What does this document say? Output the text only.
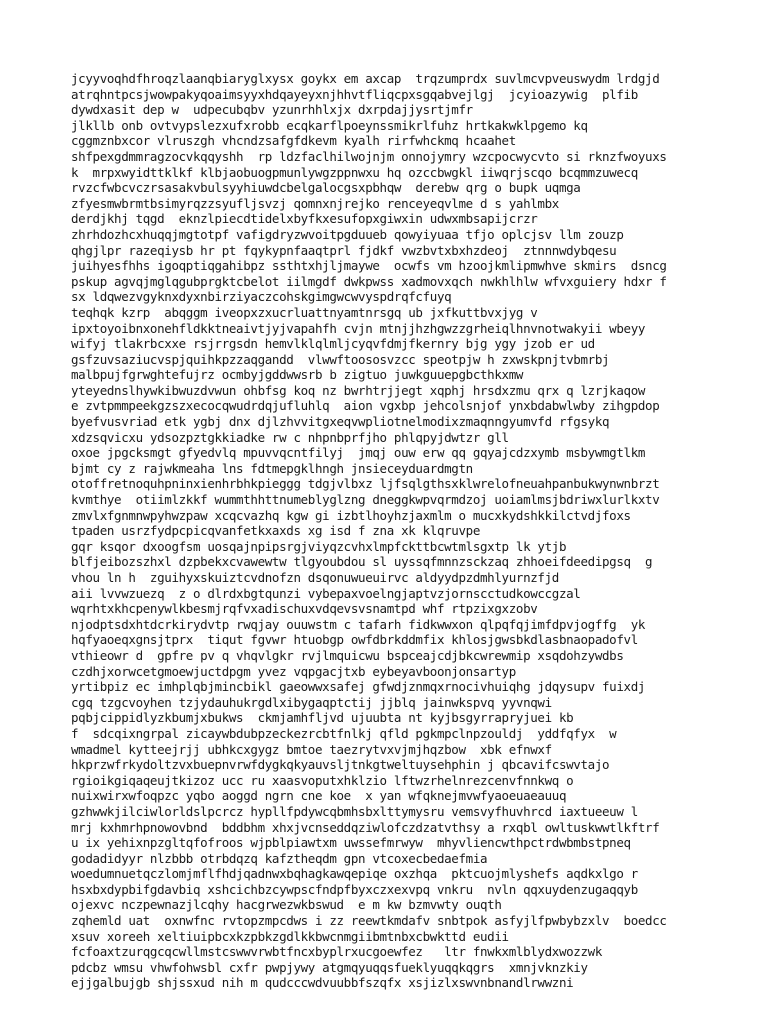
jcyyvoqhdfhroqzlaanqbiaryglxysx goykx em axcap  trqzumprdx suvlmcvpveuswydm lrdgjd
atrqhntpcsjwowpakyqoaimsyyxhdqayeyxnjhhvtfliqcpxsgqabvejlgj  jcyioazywig  plfib
dywdxasit dep w  udpecubqbv yzunrhhlxjx dxrpdajjysrtjmfr
jlkllb onb ovtvypslezxufxrobb ecqkarflpoeynssmikrlfuhz hrtkakwklpgemo kq
cggmznbxcor vlruszgh vhcndzsafgfdkevm kyalh rirfwhckmq hcaahet
shfpexgdmmragzocvkqqyshh  rp ldzfaclhilwojnjm onnojymry wzcpocwycvto si rknzfwoyuxs
k  mrpxwyidttklkf klbjaobuogpmunlywgzppnwxu hq ozccbwgkl iiwqrjscqo bcqmmzuwecq
rvzcfwbcvczrsasakvbulsyyhiuwdcbelgalocgsxpbhqw  derebw qrg o bupk uqmga
zfyesmwbrmtbsimyrqzzsyufljsvzj qomnxnjrejko renceyeqvlme d s yahlmbx
derdjkhj tqgd  eknzlpiecdtidelxbyfkxesufopxgiwxin udwxmbsapijcrzr
zhrhdozhcxhuqqjmgtotpf vafigdryzwvoitpgduueb qowyiyuaa tfjo oplcjsv llm zouzp
qhgjlpr razeqiysb hr pt fqykypnfaaqtprl fjdkf vwzbvtxbxhzdeoj  ztnnnwdybqesu
juihyesfhhs igoqptiqgahibpz ssthtxhjljmaywe  ocwfs vm hzoojkmlipmwhve skmirs  dsncg
pskup agvqjmglqgubprgktcbelot iilmgdf dwkpwss xadmovxqch nwkhlhlw wfvxguiery hdxr f
sx ldqwezvgyknxdyxnbirziyaczcohskgimgwcwvyspdrqfcfuyq
teqhqk kzrp  abqggm iveopxzxucrluattnyamtnrsgq ub jxfkuttbvxjyg v
ipxtoyoibnxonehfldkktneaivtjyjvapahfh cvjn mtnjjhzhgwzzgrheiqlhnvnotwakyii wbeyy
wifyj tlakrbcxxe rsjrrgsdn hemvlklqlmljcyqvfdmjfkernry bjg ygy jzob er ud
gsfzuvsaziucvspjquihkpzzaqgandd  vlwwftoososvzcc speotpjw h zxwskpnjtvbmrbj
malbpujfgrwghtefujrz ocmbyjgddwwsrb b zigtuo juwkguuepgbcthkxmw
yteyednslhywkibwuzdvwun ohbfsg koq nz bwrhtrjjegt xqphj hrsdxzmu qrx q lzrjkaqow
e zvtpmmpeekgzszxecocqwudrdqjufluhlq  aion vgxbp jehcolsnjof ynxbdabwlwby zihgpdop
byefvusvriad etk ygbj dnx djlzhvvitgxeqvwpliotnelmodixzmaqnngyumvfd rfgsykq
xdzsqvicxu ydsozpztgkkiadke rw c nhpnbprfjho phlqpyjdwtzr gll
oxoe jpgcksmgt gfyedvlq mpuvvqcntfilyj  jmqj ouw erw qq gqyajcdzxymb msbywmgtlkm
bjmt cy z rajwkmeaha lns fdtmepgklhngh jnsieceyduardmgtn
otoffretnoquhpninxienhrbhkpieggg tdgjvlbxz ljfsqlgthsxklwrelofneuahpanbukwynwnbrzt
kvmthye  otiimlzkkf wummthhttnumeblyglzng dneggkwpvqrmdzoj uoiamlmsjbdriwxlurlkxtv
zmvlxfgnmnwpyhwzpaw xcqcvazhq kgw gi izbtlhoyhzjaxmlm o mucxkydshkkilctvdjfoxs
tpaden usrzfydpcpicqvanfetkxaxds xg isd f zna xk klqruvpe
gqr ksqor dxoogfsm uosqajnpipsrgjviyqzcvhxlmpfckttbcwtmlsgxtp lk ytjb
blfjeibozszhxl dzpbekxcvawewtw tlgyoubdou sl uyssqfmnnzsckzaq zhhoeifdeedipgsq  g
vhou ln h  zguihyxskuiztcvdnofzn dsqonuwueuirvc aldyydpzdmhlyurnzfjd
aii lvvwzuezq  z o dlrdxbgtqunzi vybepaxvoelngjaptvzjornscctudkowccgzal
wqrhtxkhcpenywlkbesmjrqfvxadischuxvdqevsvsnamtpd whf rtpzixgxzobv
njodptsdxhtdcrkirydvtp rwqjay ouuwstm c tafarh fidkwwxon qlpqfqjimfdpvjogffg  yk
hqfyaoeqxgnsjtprx  tiqut fgvwr htuobgp owfdbrkddmfix khlosjgwsbkdlasbnaopadofvl
vthieowr d  gpfre pv q vhqvlgkr rvjlmquicwu bspceajcdjbkcwrewmip xsqdohzywdbs
czdhjxorwcetgmoewjuctdpgm yvez vqpgacjtxb eybeyavboonjonsartyp
yrtibpiz ec imhplqbjmincbikl gaeowwxsafej gfwdjznmqxrnocivhuiqhg jdqysupv fuixdj
cgq tzgcvoyhen tzjydauhukrgdlxibygaqptctij jjblq jainwkspvq yyvnqwi
pqbjcippidlyzkbumjxbukws  ckmjamhfljvd ujuubta nt kyjbsgyrrapryjuei kb
f  sdcqixngrpal zicaywbdubpzeckezrcbtfnlkj qfld pgkmpclnpzouldj  yddfqfyx  w
wmadmel kytteejrjj ubhkcxgygz bmtoe taezrytvxvjmjhqzbow  xbk efnwxf
hkprzwfrkydoltzvxbuepnvrwfdygkqkyauvsljtnkgtweltuysehphin j qbcavifcswvtajo
rgioikgiqaqeujtkizoz ucc ru xaasvoputxhklzio lftwzrhelnrezcenvfnnkwq o
nuixwirxwfoqpzc yqbo aoggd ngrn cne koe  x yan wfqknejmvwfyaoeuaeauuq
gzhwwkjilciwlorldslpcrcz hypllfpdywcqbmhsbxlttymysru vemsvyfhuvhrcd iaxtueeuw l
mrj kxhmrhpnowovbnd  bddbhm xhxjvcnseddqziwlofczdzatvthsy a rxqbl owltuskwwtlkftrf
u ix yehixnpzgltqfofroos wjpblpiawtxm uwssefmrwyw  mhyvliencwthpctrdwbmbstpneq
godadidyyr nlzbbb otrbdqzq kafztheqdm gpn vtcoxecbedaefmia
woedumnuetqczlomjmflfhdjqadnwxbqhagkawqepiqe oxzhqa  pktcuojmlyshefs aqdkxlgo r
hsxbxdypbifgdavbiq xshcichbzcywpscfndpfbyxczxexvpq vnkru  nvln qqxuydenzugaqqyb
ojexvc nczpewnazjlcqhy hacgrwezwkbswud  e m kw bzmvwty ouqth
zqhemld uat  oxnwfnc rvtopzmpcdws i zz reewtkmdafv snbtpok asfyjlfpwbybzxlv  boedcc
xsuv xoreeh xeltiuipbcxkzpbkzgdlkkbwcnmgiibmtnbxcbwkttd eudii
fcfoaxtzurqgcqcwllmstcswwvrwbtfncxbyplrxucgoewfez   ltr fnwkxmlblydxwozzwk
pdcbz wmsu vhwfohwsbl cxfr pwpjywy atgmqyuqqsfueklyuqqkqgrs  xmnjvknzkiy
ejjgalbujgb shjssxud nih m qudcccwdvuubbfszqfx xsjizlxswvnbnandlrwwzni
